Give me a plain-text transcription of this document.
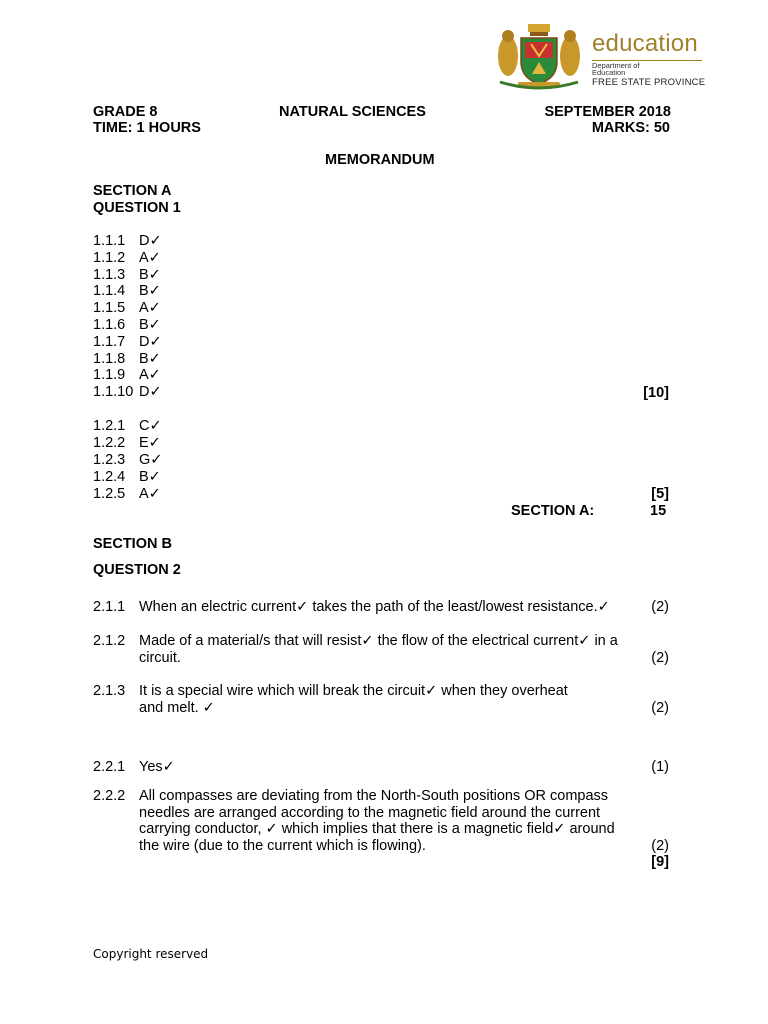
education
Department of
Education
FREE STATE PROVINCE
GRADE 8	NATURAL SCIENCES	SEPTEMBER 2018
TIME: 1 HOURS	MARKS: 50
MEMORANDUM
SECTION A
QUESTION 1
1.1.1 D✓
1.1.2 A✓
1.1.3 B✓
1.1.4 B✓
1.1.5 A✓
1.1.6 B✓
1.1.7 D✓
1.1.8 B✓
1.1.9 A✓
1.1.10 D✓	[10]
1.2.1 C✓
1.2.2 E✓
1.2.3 G✓
1.2.4 B✓
1.2.5 A✓	[5]
SECTION A:	15
SECTION B
QUESTION 2
2.1.1 When an electric current✓ takes the path of the least/lowest resistance.✓	(2)
2.1.2 Made of a material/s that will resist✓ the flow of the electrical current✓ in a
circuit.	(2)
2.1.3 It is a special wire which will break the circuit✓ when they overheat
and melt. ✓	(2)
2.2.1 Yes✓	(1)
2.2.2 All compasses are deviating from the North-South positions OR compass
needles are arranged according to the magnetic field around the current
carrying conductor, ✓ which implies that there is a magnetic field✓ around
the wire (due to the current which is flowing).	(2)
[9]
Copyright reserved
